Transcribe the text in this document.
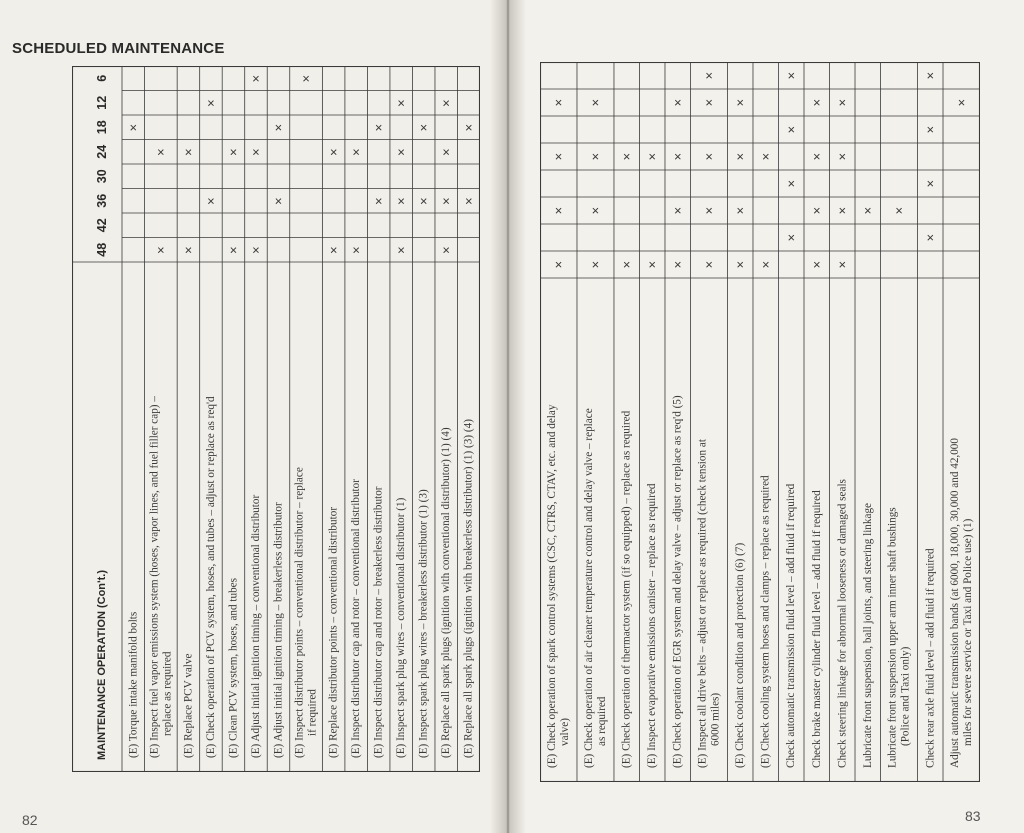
SCHEDULED MAINTENANCE
6
12
18
24
30
36
42
48
MAINTENANCE OPERATION (Con't.) (E) Torque intake manifold bolts
×
(E) Inspect fuel vapor emissions system (hoses, vapor lines, and fuel filler cap) – replace as required
×
×
(E) Replace PCV valve
×
×
(E) Check operation of PCV system, hoses, and tubes – adjust or replace as req'd
×
×
(E) Clean PCV system, hoses, and tubes
×
×
(E) Adjust initial ignition timing – conventional distributor
×
×
×
(E) Adjust initial ignition timing – breakerless distributor
×
×
(E) Inspect distributor points – conventional distributor – replace if required
×
(E) Replace distributor points – conventional distributor
×
×
(E) Inspect distributor cap and rotor – conventional distributor
×
×
(E) Inspect distributor cap and rotor – breakerless distributor
×
×
(E) Inspect spark plug wires – conventional distributor (1)
×
×
×
×
(E) Inspect spark plug wires – breakerless distributor (1) (3)
×
×
(E) Replace all spark plugs (ignition with conventional distributor) (1) (4)
×
×
×
×
(E) Replace all spark plugs (ignition with breakerless distributor) (1) (3) (4)
×
×
82
(E) Check operation of spark control systems (CSC, CTRS, CTAV, etc. and delay valve)
×
×
×
×
(E) Check operation of air cleaner temperature control and delay valve – replace as required
×
×
×
×
(E) Check operation of thermactor system (if so equipped) – replace as required
×
×
(E) Inspect evaporative emissions canister – replace as required
×
×
(E) Check operation of EGR system and delay valve – adjust or replace as req'd (5)
×
×
×
×
(E) Inspect all drive belts – adjust or replace as required (check tension at 6000 miles)
×
×
×
×
×
(E) Check coolant condition and protection (6) (7)
×
×
×
×
(E) Check cooling system hoses and clamps – replace as required
×
×
Check automatic transmission fluid level – add fluid if required
×
×
×
×
Check brake master cylinder fluid level – add fluid if required
×
×
×
×
Check steering linkage for abnormal looseness or damaged seals
×
×
×
×
Lubricate front suspension, ball joints, and steering linkage
×
Lubricate front suspension upper arm inner shaft bushings (Police and Taxi only)
×
Check rear axle fluid level – add fluid if required
×
×
×
×
Adjust automatic transmission bands (at 6000, 18,000, 30,000 and 42,000 miles for severe service or Taxi and Police use) (1)
×
83
